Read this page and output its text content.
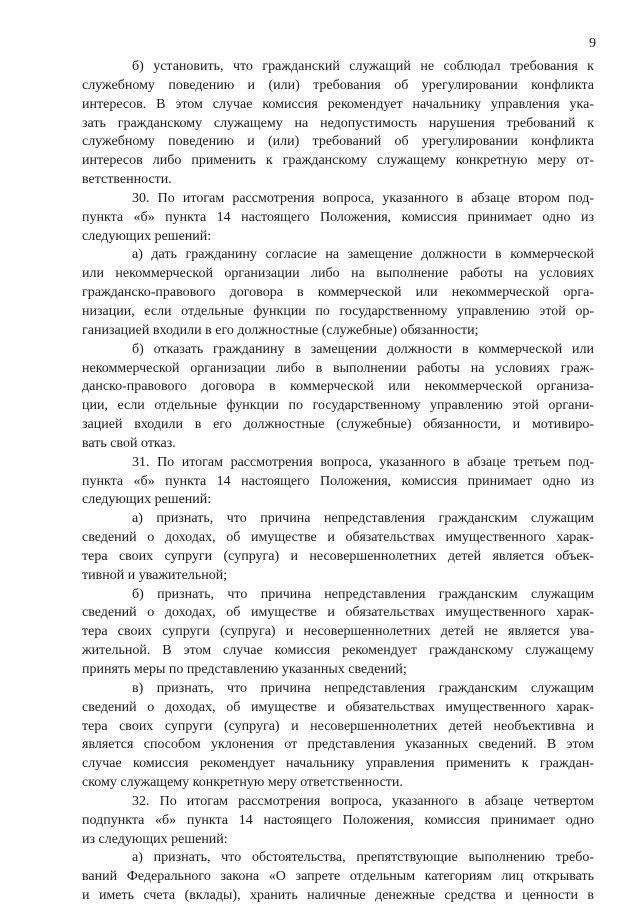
9
б) установить, что гражданский служащий не соблюдал требования к
служебному поведению и (или) требования об урегулировании конфликта
интересов. В этом случае комиссия рекомендует начальнику управления ука-
зать гражданскому служащему на недопустимость нарушения требований к
служебному поведению и (или) требований об урегулировании конфликта
интересов либо применить к гражданскому служащему конкретную меру от-
ветственности.
30. По итогам рассмотрения вопроса, указанного в абзаце втором под-
пункта «б» пункта 14 настоящего Положения, комиссия принимает одно из
следующих решений:
а) дать гражданину согласие на замещение должности в коммерческой
или некоммерческой организации либо на выполнение работы на условиях
гражданско-правового договора в коммерческой или некоммерческой орга-
низации, если отдельные функции по государственному управлению этой ор-
ганизацией входили в его должностные (служебные) обязанности;
б) отказать гражданину в замещении должности в коммерческой или
некоммерческой организации либо в выполнении работы на условиях граж-
данско-правового договора в коммерческой или некоммерческой организа-
ции, если отдельные функции по государственному управлению этой органи-
зацией входили в его должностные (служебные) обязанности, и мотивиро-
вать свой отказ.
31. По итогам рассмотрения вопроса, указанного в абзаце третьем под-
пункта «б» пункта 14 настоящего Положения, комиссия принимает одно из
следующих решений:
а) признать, что причина непредставления гражданским служащим
сведений о доходах, об имуществе и обязательствах имущественного харак-
тера своих супруги (супруга) и несовершеннолетних детей является объек-
тивной и уважительной;
б) признать, что причина непредставления гражданским служащим
сведений о доходах, об имуществе и обязательствах имущественного харак-
тера своих супруги (супруга) и несовершеннолетних детей не является ува-
жительной. В этом случае комиссия рекомендует гражданскому служащему
принять меры по представлению указанных сведений;
в) признать, что причина непредставления гражданским служащим
сведений о доходах, об имуществе и обязательствах имущественного харак-
тера своих супруги (супруга) и несовершеннолетних детей необъективна и
является способом уклонения от представления указанных сведений. В этом
случае комиссия рекомендует начальнику управления применить к граждан-
скому служащему конкретную меру ответственности.
32. По итогам рассмотрения вопроса, указанного в абзаце четвертом
подпункта «б» пункта 14 настоящего Положения, комиссия принимает одно
из следующих решений:
а) признать, что обстоятельства, препятствующие выполнению требо-
ваний Федерального закона «О запрете отдельным категориям лиц открывать
и иметь счета (вклады), хранить наличные денежные средства и ценности в
